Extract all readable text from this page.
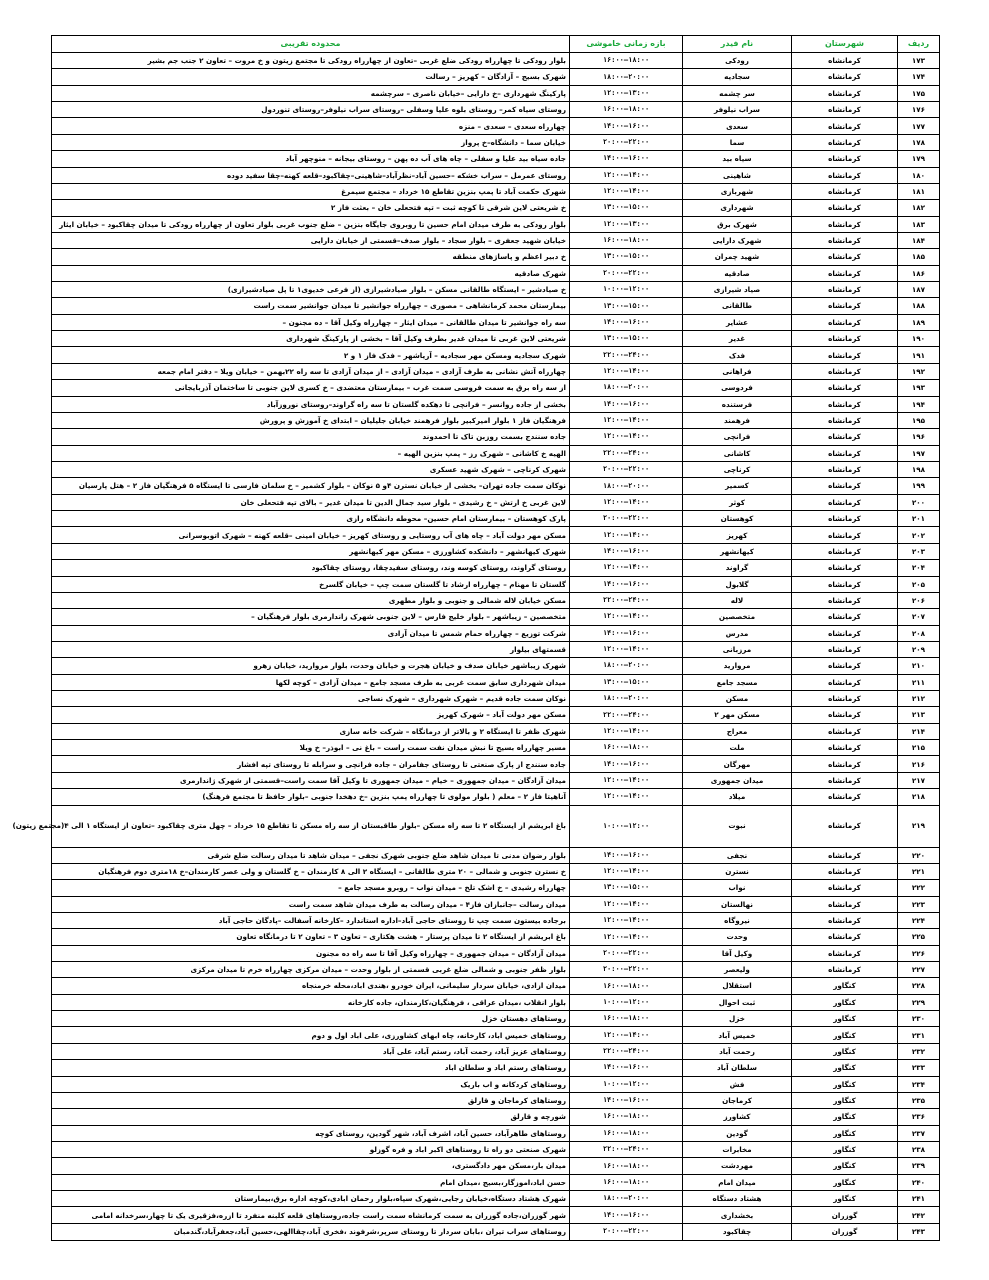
ردیف	شهرستان	نام فیدر	بازه زمانی خاموشی	محدوده تقریبی
۱۷۳	کرمانشاه	رودکی	۱۶:۰۰–۱۸:۰۰	بلوار رودکی تا چهارراه رودکی ضلع غربی –تعاون از چهارراه رودکی تا مجتمع زیتون و خ مروت – تعاون ۲ جنب جم بشیر
۱۷۴	کرمانشاه	سجادیه	۱۸:۰۰–۲۰:۰۰	شهرک بسیج – آزادگان – کهریز – رسالت
۱۷۵	کرمانشاه	سر چشمه	۱۲:۰۰–۱۳:۰۰	پارکینگ شهرداری –خ دارایی –خیابان ناصری – سرچشمه
۱۷۶	کرمانشاه	سراب نیلوفر	۱۶:۰۰–۱۸:۰۰	روستای سیاه کمر– روستای بلوه علیا وسفلی –روستای سراب نیلوفر–روستای تنوردول
۱۷۷	کرمانشاه	سعدی	۱۴:۰۰–۱۶:۰۰	چهارراه سعدی – سعدی – منزه
۱۷۸	کرمانشاه	سما	۲۰:۰۰–۲۲:۰۰	خیابان سما – دانشگاه–خ پرواز
۱۷۹	کرمانشاه	سیاه بید	۱۴:۰۰–۱۶:۰۰	جاده سیاه بید علیا و سفلی – چاه های آب ده پهن – روستای بیجانه – منوچهر آباد
۱۸۰	کرمانشاه	شاهینی	۱۲:۰۰–۱۴:۰۰	روستای عمرمل – سراب خشکه –حسین آباد–نظرآباد–شاهینی–چقاکبود–قلعه کهنه–چقا سفید دوده
۱۸۱	کرمانشاه	شهربازی	۱۲:۰۰–۱۴:۰۰	شهرک حکمت آباد تا پمپ بنزین تقاطع ۱۵ خرداد – مجتمع سیمرغ
۱۸۲	کرمانشاه	شهرداری	۱۳:۰۰–۱۵:۰۰	خ شریعتی لاین شرقی تا کوچه ثبت – تپه فتحعلی خان – بعثت فاز ۲
۱۸۳	کرمانشاه	شهرک برق	۱۲:۰۰–۱۳:۰۰	بلوار رودکی به طرف میدان امام حسین تا روبروی جایگاه بنزین – ضلع جنوب غربی بلوار تعاون از چهارراه رودکی تا میدان چقاکبود – خیابان ایثار
۱۸۴	کرمانشاه	شهرک دارایی	۱۶:۰۰–۱۸:۰۰	خیابان شهید جعفری – بلوار سجاد – بلوار صدف–قسمتی از خیابان دارایی
۱۸۵	کرمانشاه	شهید چمران	۱۳:۰۰–۱۵:۰۰	خ دبیر اعظم و پاساژهای منطقه
۱۸۶	کرمانشاه	صادقیه	۲۰:۰۰–۲۲:۰۰	شهرک صادقیه
۱۸۷	کرمانشاه	صیاد شیرازی	۱۰:۰۰–۱۲:۰۰	خ صیادشیر – ایستگاه طالقانی مسکن – بلوار صیادشیرازی (از فرعی خدیوی۱ تا پل صیادشیرازی)
۱۸۸	کرمانشاه	طالقانی	۱۳:۰۰–۱۵:۰۰	بیمارستان محمد کرمانشاهی – مصوری – چهارراه جوانشیر تا میدان جوانشیر سمت راست
۱۸۹	کرمانشاه	عشایر	۱۴:۰۰–۱۶:۰۰	سه راه جوانشیر تا میدان طالقانی – میدان ایثار – چهارراه وکیل آقا – ده مجنون –
۱۹۰	کرمانشاه	غدیر	۱۳:۰۰–۱۵:۰۰	شریعتی لاین غربی تا میدان غدیر بطرف وکیل آقا – بخشی از پارکینگ شهرداری
۱۹۱	کرمانشاه	فدک	۲۲:۰۰–۲۴:۰۰	شهرک سجادیه ومسکن مهر سجادیه – آریاشهر – فدک فاز ۱ و ۲
۱۹۲	کرمانشاه	فراهانی	۱۲:۰۰–۱۴:۰۰	چهارراه آتش نشانی به طرف آزادی – میدان آزادی – از میدان آزادی تا سه راه ۲۲بهمن – خیابان ویلا – دفتر امام جمعه
۱۹۳	کرمانشاه	فردوسی	۱۸:۰۰–۲۰:۰۰	از سه راه برق به سمت فروسی سمت غرب – بیمارستان معتضدی – خ کسری لاین جنوبی تا ساختمان آذربایجانی
۱۹۴	کرمانشاه	فرستنده	۱۴:۰۰–۱۶:۰۰	بخشی از جاده روانسر – فرانچی تا دهکده گلستان تا سه راه گراوند–روستای نوروزآباد
۱۹۵	کرمانشاه	فرهمند	۱۲:۰۰–۱۴:۰۰	فرهنگیان فاز ۱ بلوار امیرکبیر بلوار فرهمند خیابان جلیلیان – ابتدای خ آموزش و پرورش
۱۹۶	کرمانشاه	فرانچی	۱۲:۰۰–۱۴:۰۰	جاده سنندج بسمت روزبن تاک تا احمدوند
۱۹۷	کرمانشاه	کاشانی	۲۲:۰۰–۲۴:۰۰	الهیه خ کاشانی – شهرک رز – پمپ بنزین الهیه –
۱۹۸	کرمانشاه	کرناچی	۲۰:۰۰–۲۲:۰۰	شهرک کرناچی – شهرک شهید عسکری
۱۹۹	کرمانشاه	کسمیر	۱۸:۰۰–۲۰:۰۰	نوکان سمت جاده تهران– بخشی از خیابان نسترن ۴و ۵ نوکان – بلوار کشمیر – خ سلمان فارسی تا ایستگاه ۵ فرهنگیان فاز ۲ – هتل پارسیان
۲۰۰	کرمانشاه	کوثر	۱۲:۰۰–۱۴:۰۰	لاین غربی خ ارتش – خ رشیدی – بلوار سید جمال الدین تا میدان غدیر – بالای تپه فتحعلی خان
۲۰۱	کرمانشاه	کوهستان	۲۰:۰۰–۲۲:۰۰	پارک کوهستان – بیمارستان امام حسین– محوطه دانشگاه رازی
۲۰۲	کرمانشاه	کهریز	۱۲:۰۰–۱۴:۰۰	مسکن مهر دولت آباد – چاه های آب روستایی و روستای کهریز – خیابان امینی –قلعه کهنه – شهرک اتوبوسرانی
۲۰۳	کرمانشاه	کیهانشهر	۱۴:۰۰–۱۶:۰۰	شهرک کیهانشهر – دانشکده کشاورزی – مسکن مهر کیهانشهر
۲۰۴	کرمانشاه	گراوند	۱۲:۰۰–۱۴:۰۰	روستای گراوند، روستای کوسه وند، روستای سفیدچقا، روستای چقاکبود
۲۰۵	کرمانشاه	گلابول	۱۴:۰۰–۱۶:۰۰	گلستان تا مهنام – چهارراه ارشاد تا گلستان سمت چپ – خیابان گلسرخ
۲۰۶	کرمانشاه	لاله	۲۲:۰۰–۲۴:۰۰	مسکن خیابان لاله شمالی و جنوبی و بلوار مطهری
۲۰۷	کرمانشاه	متخصصین	۱۲:۰۰–۱۴:۰۰	متخصصین – زیباشهر – بلوار خلیج فارس – لاین جنوبی شهرک زاندارمری بلوار فرهنگیان –
۲۰۸	کرمانشاه	مدرس	۱۴:۰۰–۱۶:۰۰	شرکت توزیع – چهارراه حمام شمس تا میدان آزادی
۲۰۹	کرمانشاه	مرزبانی	۱۲:۰۰–۱۴:۰۰	قسمتهای بیلوار
۲۱۰	کرمانشاه	مرواريد	۱۸:۰۰–۲۰:۰۰	شهرک زیباشهر خیابان صدف و خیابان هجرت و خیابان وحدت، بلوار مرواريد، خیابان زهرو
۲۱۱	کرمانشاه	مسجد جامع	۱۳:۰۰–۱۵:۰۰	میدان شهرداری سابق سمت غربی به طرف مسجد جامع – میدان آزادی – کوچه لکها
۲۱۲	کرمانشاه	مسکن	۱۸:۰۰–۲۰:۰۰	نوکان سمت جاده قدیم – شهرک شهرداری – شهرک نساجی
۲۱۳	کرمانشاه	مسکن مهر ۲	۲۲:۰۰–۲۴:۰۰	مسکن مهر دولت آباد – شهرک کهریز
۲۱۴	کرمانشاه	معراج	۱۲:۰۰–۱۴:۰۰	شهرک ظفر تا ایستگاه ۲ و بالاتر از درمانگاه – شرکت خانه سازی
۲۱۵	کرمانشاه	ملت	۱۶:۰۰–۱۸:۰۰	مسیر چهارراه بسیج تا نبش میدان نفت سمت راست – باغ نی – ابوذر– خ ویلا
۲۱۶	کرمانشاه	مهرگان	۱۴:۰۰–۱۶:۰۰	جاده سنندج از پارک صنعتی تا روستای جفامران – جاده فرانچی و سرابله تا روستای تپه افشار
۲۱۷	کرمانشاه	میدان جمهوری	۱۲:۰۰–۱۴:۰۰	میدان آزادگان – میدان جمهوری – خیام – میدان جمهوری تا وکیل آقا سمت راست–قسمتی از شهرک ژاندارمری
۲۱۸	کرمانشاه	میلاد	۱۲:۰۰–۱۴:۰۰	آناهیتا فاز ۲ – معلم ( بلوار مولوی تا چهارراه پمپ بنزین –خ دهخدا جنوبی –بلوار حافظ تا مجتمع فرهنگ)
۲۱۹	کرمانشاه	نبوت	۱۰:۰۰–۱۲:۰۰	باغ ابریشم از ایستگاه ۲ تا سه راه مسکن –بلوار طاقبستان از سه راه مسکن تا تقاطع ۱۵ خرداد – چهل متری چقاکبود –تعاون از ایستگاه ۱ الی ۴(مجتمع زیتون)
۲۲۰	کرمانشاه	نجفی	۱۴:۰۰–۱۶:۰۰	بلوار رضوان مدنی تا میدان شاهد ضلع جنوبی شهرک نجفی – میدان شاهد تا میدان رسالت ضلع شرقی
۲۲۱	کرمانشاه	نسترن	۱۲:۰۰–۱۴:۰۰	خ نسترن جنوبی و شمالی – ۲۰ متری طالقانی – ایستگاه ۲ الی ۸ کارمندان – خ گلستان و ولی عصر کارمندان–خ ۱۸متری دوم فرهنگیان
۲۲۲	کرمانشاه	نواب	۱۳:۰۰–۱۵:۰۰	چهارراه رشیدی – خ اشک تلخ – میدان نواب – روبرو مسجد جامع –
۲۲۳	کرمانشاه	نهالستان	۱۲:۰۰–۱۴:۰۰	میدان رسالت –جانبازان فاز۴ – میدان رسالت به طرف میدان شاهد سمت راست
۲۲۴	کرمانشاه	نیروگاه	۱۲:۰۰–۱۴:۰۰	برجاده بیستون سمت چپ تا روستای حاجی آباد–اداره استاندارد –کارخانه آسفالت –پادگان حاجی آباد
۲۲۵	کرمانشاه	وحدت	۱۲:۰۰–۱۴:۰۰	باغ ابریشم از ایستگاه ۲ تا میدان پرستار – هشت هکتاری – تعاون ۳ – تعاون ۲ تا درمانگاه تعاون
۲۲۶	کرمانشاه	وکیل آقا	۲۰:۰۰–۲۲:۰۰	میدان آزادگان – میدان جمهوری – چهارراه وکیل آقا تا سه راه ده مجنون
۲۲۷	کرمانشاه	ولیعصر	۲۰:۰۰–۲۲:۰۰	بلوار ظفر جنوبی و شمالی ضلع غربی قسمتی از بلوار وحدت – میدان مرکزی چهارراه خرم تا میدان مرکزی
۲۲۸	کنگاور	استقلال	۱۶:۰۰–۱۸:۰۰	میدان ازادی، خیابان سردار سلیمانی، ایران خودرو ،هندی اباد،محله خرمنجاه
۲۲۹	کنگاور	ثبت احوال	۱۰:۰۰–۱۲:۰۰	بلوار انقلاب ،میدان عراقی ، فرهنگیان،کارمندان، جاده کارخانه
۲۳۰	کنگاور	خزل	۱۶:۰۰–۱۸:۰۰	روستاهای دهستان خزل
۲۳۱	کنگاور	خمیس آباد	۱۲:۰۰–۱۴:۰۰	روستاهای خمیس اباد، کارخانه، چاه ابهای کشاورزی، علی اباد اول و دوم
۲۳۲	کنگاور	رحمت آباد	۲۲:۰۰–۲۴:۰۰	روستاهای عزیز آباد، رحمت آباد، رستم آباد، علی آباد
۲۳۳	کنگاور	سلطان آباد	۱۴:۰۰–۱۶:۰۰	روستاهای رستم اباد و سلطان اباد
۲۳۴	کنگاور	فش	۱۰:۰۰–۱۲:۰۰	روستاهای کردکانه و اب باریک
۲۳۵	کنگاور	کرماجان	۱۴:۰۰–۱۶:۰۰	روستاهای کرماجان و قارلق
۲۳۶	کنگاور	کشاورز	۱۶:۰۰–۱۸:۰۰	شورچه و قارلق
۲۳۷	کنگاور	گودین	۱۶:۰۰–۱۸:۰۰	روستاهای طاهرآباد، حسین آباد، اشرف آباد، شهر گودین، روستای کوچه
۲۳۸	کنگاور	مخابرات	۲۲:۰۰–۲۴:۰۰	شهرک صنعتی دو راه تا روستاهای اکبر اباد و فره گوزلو
۲۳۹	کنگاور	مهردشت	۱۶:۰۰–۱۸:۰۰	میدان بار،مسکن مهر دادگستری،
۲۴۰	کنگاور	میدان امام	۱۶:۰۰–۱۸:۰۰	حسن اباد،اموزگار،بسیج ،میدان امام
۲۴۱	کنگاور	هشتاد دستگاه	۱۸:۰۰–۲۰:۰۰	شهرک هشتاد دستگاه،خیابان رجایی،شهرک سپاه،بلوار رحمان ابادی،کوچه اداره برق،بیمارستان
۲۴۲	گوزران	بخشداری	۱۴:۰۰–۱۶:۰۰	شهر گوزران،جاده گوزران به سمت کرمانشاه سمت راست جاده،روستاهای قلعه کلبنه منفرد تا ازره،فزقیری یک تا چهار،سرخدانه امامی
۲۴۳	گوزران	چقاکبود	۲۰:۰۰–۲۲:۰۰	روستاهای سراب تیران ،بابان سردار تا روستای سرپر،شرفوند ،فخری آباد،چقاالهی،حسین آباد،جعفرآباد،گندمبان
